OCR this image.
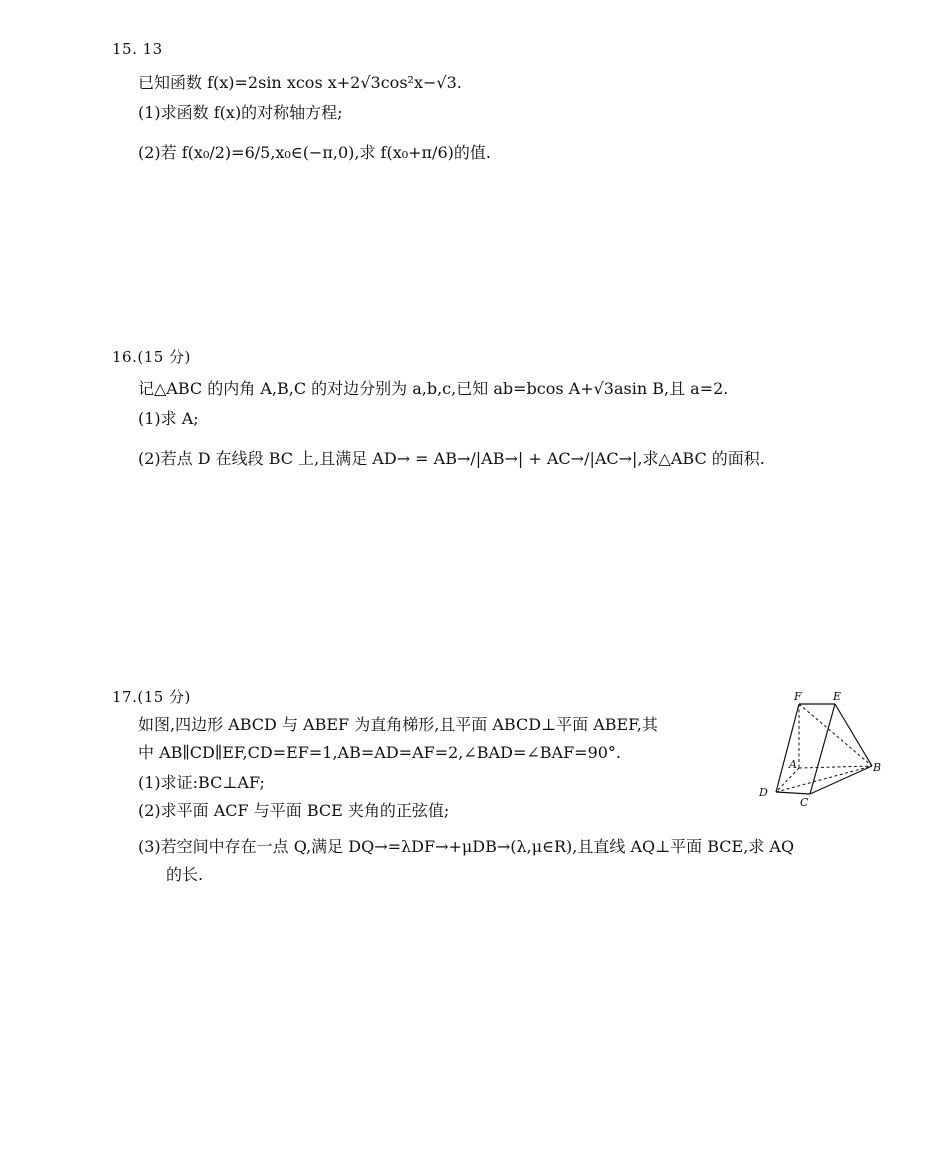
15. 13
已知函数 f(x)=2sin xcos x+2√3cos²x−√3.
(1)求函数 f(x)的对称轴方程;
(2)若 f(x₀/2)=6/5,x₀∈(−π,0),求 f(x₀+π/6)的值.
16.(15 分)
记△ABC 的内角 A,B,C 的对边分别为 a,b,c,已知 ab=bcos A+√3asin B,且 a=2.
(1)求 A;
(2)若点 D 在线段 BC 上,且满足 AD→ = AB→/|AB→| + AC→/|AC→|,求△ABC 的面积.
17.(15 分)
如图,四边形 ABCD 与 ABEF 为直角梯形,且平面 ABCD⊥平面 ABEF,其
中 AB∥CD∥EF,CD=EF=1,AB=AD=AF=2,∠BAD=∠BAF=90°.
(1)求证:BC⊥AF;
(2)求平面 ACF 与平面 BCE 夹角的正弦值;
(3)若空间中存在一点 Q,满足 DQ→=λDF→+μDB→(λ,μ∈R),且直线 AQ⊥平面 BCE,求 AQ
的长.
F	E
A	B
D
C
